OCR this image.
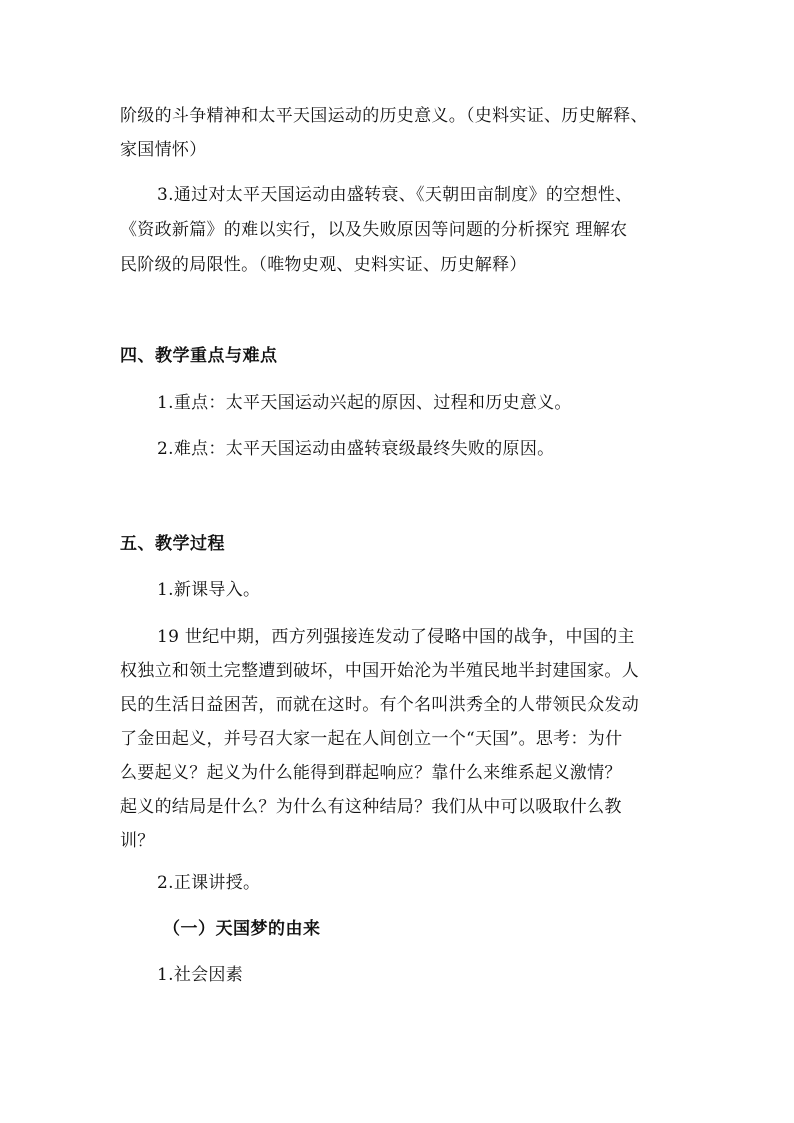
阶级的斗争精神和太平天国运动的历史意义。（史料实证、历史解释、
家国情怀）
3.通过对太平天国运动由盛转衰、《天朝田亩制度》的空想性、
《资政新篇》的难以实行，以及失败原因等问题的分析探究 理解农
民阶级的局限性。（唯物史观、史料实证、历史解释）
四、教学重点与难点
1.重点：太平天国运动兴起的原因、过程和历史意义。
2.难点：太平天国运动由盛转衰级最终失败的原因。
五、教学过程
1.新课导入。
19 世纪中期，西方列强接连发动了侵略中国的战争，中国的主
权独立和领土完整遭到破坏，中国开始沦为半殖民地半封建国家。人
民的生活日益困苦，而就在这时。有个名叫洪秀全的人带领民众发动
了金田起义，并号召大家一起在人间创立一个“天国”。思考：为什
么要起义？起义为什么能得到群起响应？靠什么来维系起义激情？
起义的结局是什么？为什么有这种结局？我们从中可以吸取什么教
训？
2.正课讲授。
（一）天国梦的由来
1.社会因素
